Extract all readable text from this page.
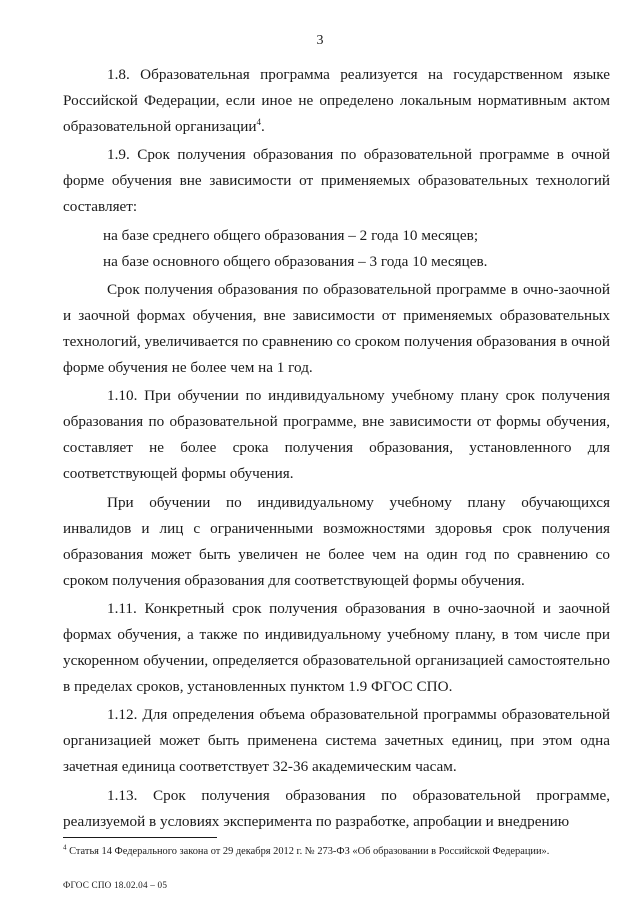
3

1.8. Образовательная программа реализуется на государственном языке Российской Федерации, если иное не определено локальным нормативным актом образовательной организации$^4$.

1.9. Срок получения образования по образовательной программе в очной форме обучения вне зависимости от применяемых образовательных технологий составляет:

на базе среднего общего образования – 2 года 10 месяцев;

на базе основного общего образования – 3 года 10 месяцев.

Срок получения образования по образовательной программе в очно-заочной и заочной формах обучения, вне зависимости от применяемых образовательных технологий, увеличивается по сравнению со сроком получения образования в очной форме обучения не более чем на 1 год.

1.10. При обучении по индивидуальному учебному плану срок получения образования по образовательной программе, вне зависимости от формы обучения, составляет не более срока получения образования, установленного для соответствующей формы обучения.

При обучении по индивидуальному учебному плану обучающихся инвалидов и лиц с ограниченными возможностями здоровья срок получения образования может быть увеличен не более чем на один год по сравнению со сроком получения образования для соответствующей формы обучения.

1.11. Конкретный срок получения образования в очно-заочной и заочной формах обучения, а также по индивидуальному учебному плану, в том числе при ускоренном обучении, определяется образовательной организацией самостоятельно в пределах сроков, установленных пунктом 1.9 ФГОС СПО.

1.12. Для определения объема образовательной программы образовательной организацией может быть применена система зачетных единиц, при этом одна зачетная единица соответствует 32-36 академическим часам.

1.13. Срок получения образования по образовательной программе, реализуемой в условиях эксперимента по разработке, апробации и внедрению

$^4$ Статья 14 Федерального закона от 29 декабря 2012 г. № 273-ФЗ «Об образовании в Российской Федерации».
ФГОС СПО 18.02.04 – 05
